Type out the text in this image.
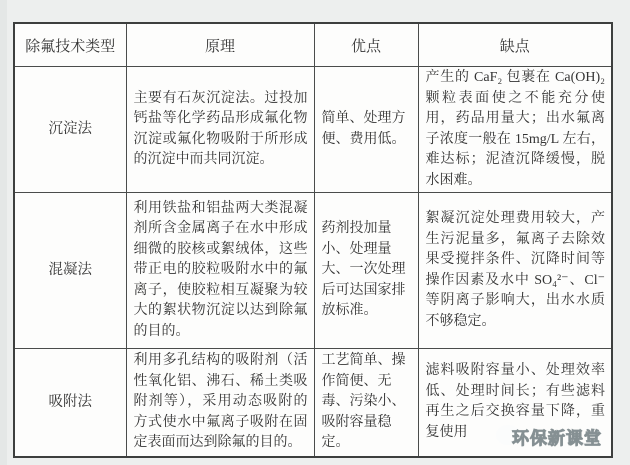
除氟技术类型	原理	优点	缺点
沉淀法	主要有石灰沉淀法。过投加钙盐等化学药品形成氟化物沉淀或氟化物吸附于所形成的沉淀中而共同沉淀。	简单、处理方便、费用低。	产生的 CaF₂ 包裹在 Ca(OH)₂ 颗粒表面使之不能充分使用，药品用量大；出水氟离子浓度一般在 15mg/L 左右，难达标；泥渣沉降缓慢，脱水困难。
混凝法	利用铁盐和铝盐两大类混凝剂所含金属离子在水中形成细微的胶核或絮绒体，这些带正电的胶粒吸附水中的氟离子，使胶粒相互凝聚为较大的絮状物沉淀以达到除氟的目的。	药剂投加量小、处理量大、一次处理后可达国家排放标准。	絮凝沉淀处理费用较大，产生污泥量多，氟离子去除效果受搅拌条件、沉降时间等操作因素及水中 SO₄²⁻、Cl⁻等阴离子影响大，出水水质不够稳定。
吸附法	利用多孔结构的吸附剂（活性氧化铝、沸石、稀土类吸附剂等），采用动态吸附的方式使水中氟离子吸附在固定表面而达到除氟的目的。	工艺简单、操作简便、无毒、污染小、吸附容量稳定。	滤料吸附容量小、处理效率低、处理时间长；有些滤料再生之后交换容量下降，重复使用	环保新课堂
